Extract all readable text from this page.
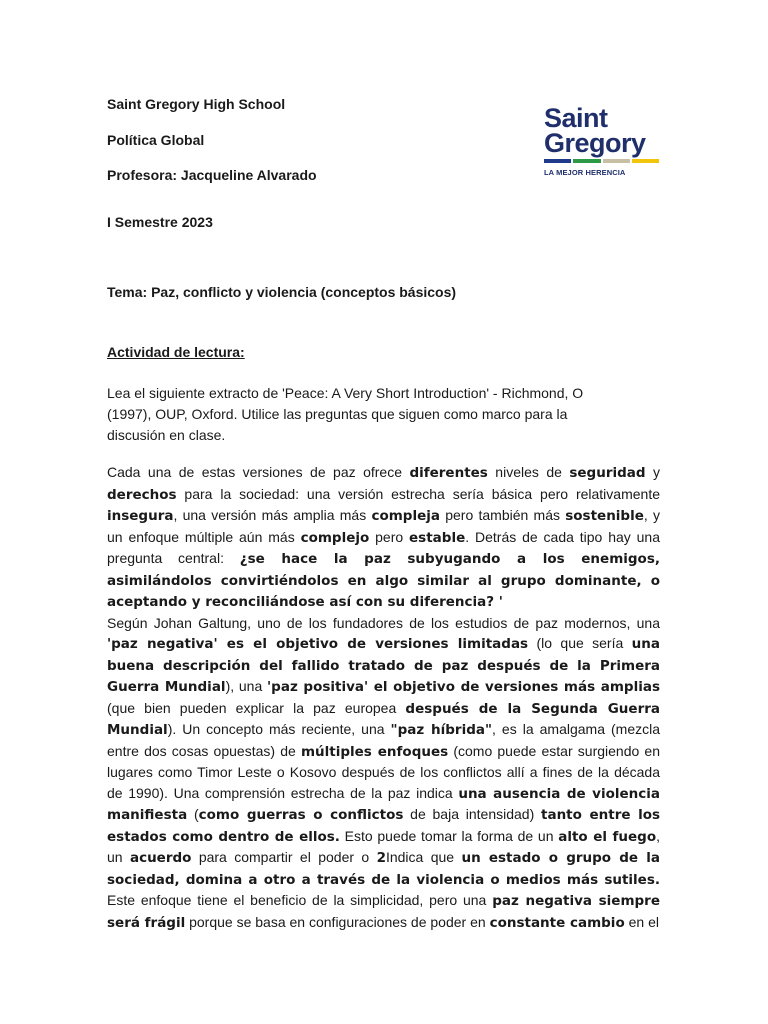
Saint Gregory High School
Política Global
Profesora: Jacqueline Alvarado
I Semestre 2023
Tema: Paz, conflicto y violencia (conceptos básicos)
Saint
Gregory
LA MEJOR HERENCIA
Actividad de lectura:
Lea el siguiente extracto de 'Peace: A Very Short Introduction' - Richmond, O (1997), OUP, Oxford. Utilice las preguntas que siguen como marco para la discusión en clase.
Cada una de estas versiones de paz ofrece diferentes niveles de seguridad y derechos para la sociedad: una versión estrecha sería básica pero relativamente insegura, una versión más amplia más compleja pero también más sostenible, y un enfoque múltiple aún más complejo pero estable. Detrás de cada tipo hay una pregunta central: ¿se hace la paz subyugando a los enemigos, asimilándolos convirtiéndolos en algo similar al grupo dominante, o aceptando y reconciliándose así con su diferencia? '
Según Johan Galtung, uno de los fundadores de los estudios de paz modernos, una 'paz negativa' es el objetivo de versiones limitadas (lo que sería una buena descripción del fallido tratado de paz después de la Primera Guerra Mundial), una 'paz positiva' el objetivo de versiones más amplias (que bien pueden explicar la paz europea después de la Segunda Guerra Mundial). Un concepto más reciente, una "paz híbrida", es la amalgama (mezcla entre dos cosas opuestas) de múltiples enfoques (como puede estar surgiendo en lugares como Timor Leste o Kosovo después de los conflictos allí a fines de la década de 1990). Una comprensión estrecha de la paz indica una ausencia de violencia manifiesta (como guerras o conflictos de baja intensidad) tanto entre los estados como dentro de ellos. Esto puede tomar la forma de un alto el fuego, un acuerdo para compartir el poder o 2Indica que un estado o grupo de la sociedad, domina a otro a través de la violencia o medios más sutiles. Este enfoque tiene el beneficio de la simplicidad, pero una paz negativa siempre será frágil porque se basa en configuraciones de poder en constante cambio en el
